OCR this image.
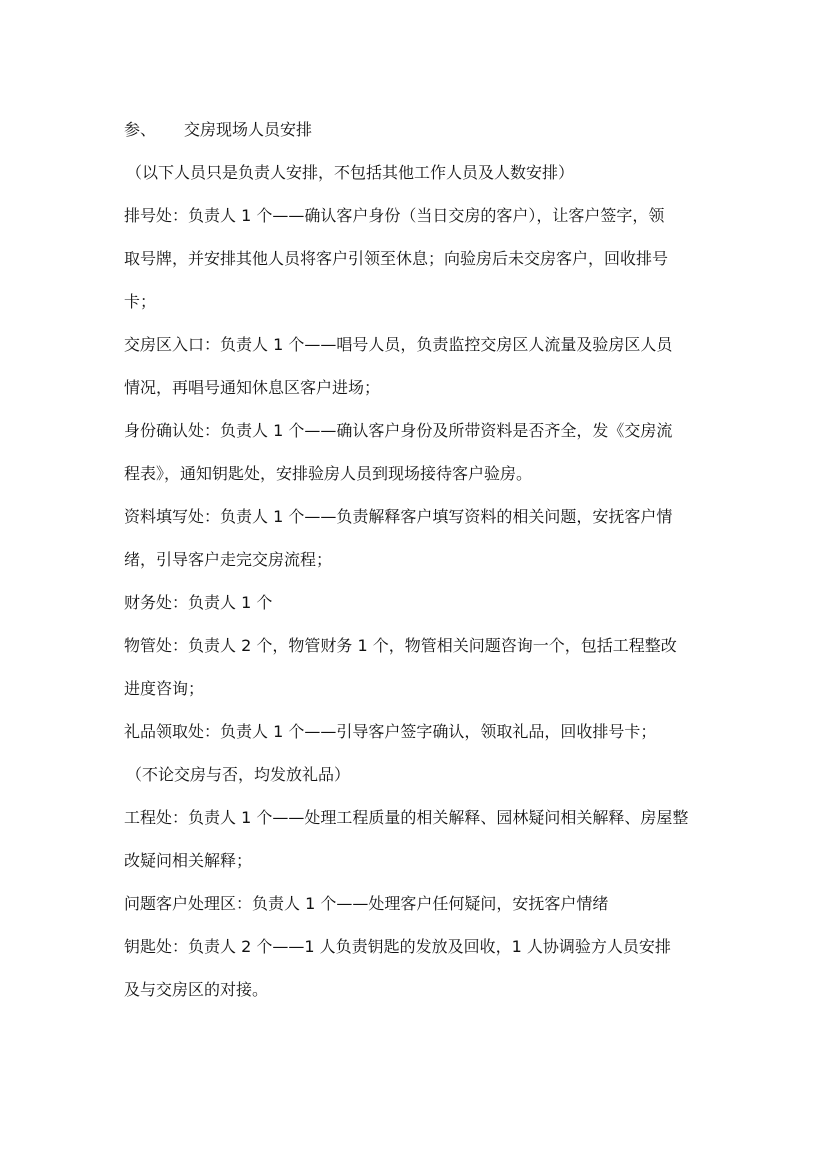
参、 交房现场人员安排
（以下人员只是负责人安排，不包括其他工作人员及人数安排）
排号处：负责人 1 个——确认客户身份（当日交房的客户），让客户签字，领
取号牌，并安排其他人员将客户引领至休息；向验房后未交房客户，回收排号
卡；
交房区入口：负责人 1 个——唱号人员，负责监控交房区人流量及验房区人员
情况，再唱号通知休息区客户进场；
身份确认处：负责人 1 个——确认客户身份及所带资料是否齐全，发《交房流
程表》，通知钥匙处，安排验房人员到现场接待客户验房。
资料填写处：负责人 1 个——负责解释客户填写资料的相关问题，安抚客户情
绪，引导客户走完交房流程；
财务处：负责人 1 个
物管处：负责人 2 个，物管财务 1 个，物管相关问题咨询一个，包括工程整改
进度咨询；
礼品领取处：负责人 1 个——引导客户签字确认，领取礼品，回收排号卡；
（不论交房与否，均发放礼品）
工程处：负责人 1 个——处理工程质量的相关解释、园林疑问相关解释、房屋整
改疑问相关解释；
问题客户处理区：负责人 1 个——处理客户任何疑问，安抚客户情绪
钥匙处：负责人 2 个——1 人负责钥匙的发放及回收，1 人协调验方人员安排
及与交房区的对接。
